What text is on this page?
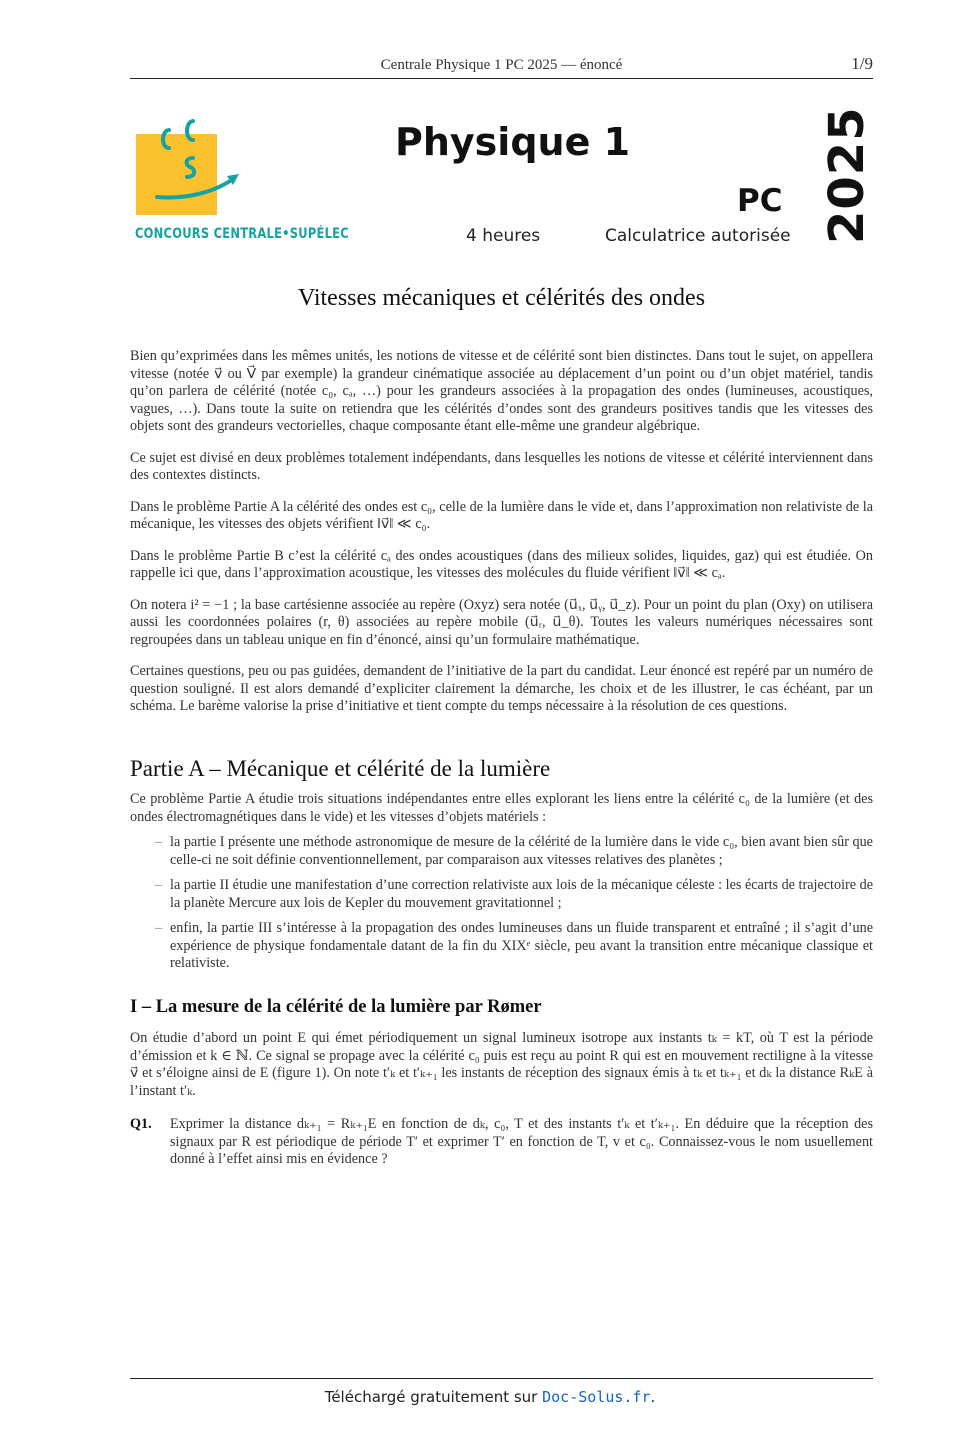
Centrale Physique 1 PC 2025 — énoncé	1/9
CONCOURS CENTRALE•SUPÉLEC
Physique 1
PC
4 heures	Calculatrice autorisée 2025
Vitesses mécaniques et célérités des ondes

Bien qu’exprimées dans les mêmes unités, les notions de vitesse et de célérité sont bien distinctes. Dans tout le sujet, on appellera vitesse (notée v⃗ ou V⃗ par exemple) la grandeur cinématique associée au déplacement d’un point ou d’un objet matériel, tandis qu’on parlera de célérité (notée c₀, cₐ, …) pour les grandeurs associées à la propagation des ondes (lumineuses, acoustiques, vagues, …). Dans toute la suite on retiendra que les célérités d’ondes sont des grandeurs positives tandis que les vitesses des objets sont des grandeurs vectorielles, chaque composante étant elle-même une grandeur algébrique.

Ce sujet est divisé en deux problèmes totalement indépendants, dans lesquelles les notions de vitesse et célérité interviennent dans des contextes distincts.

Dans le problème Partie A la célérité des ondes est c₀, celle de la lumière dans le vide et, dans l’approximation non relativiste de la mécanique, les vitesses des objets vérifient ‖v⃗‖ ≪ c₀.

Dans le problème Partie B c’est la célérité cₐ des ondes acoustiques (dans des milieux solides, liquides, gaz) qui est étudiée. On rappelle ici que, dans l’approximation acoustique, les vitesses des molécules du fluide vérifient ‖v⃗‖ ≪ cₐ.

On notera i² = −1 ; la base cartésienne associée au repère (Oxyz) sera notée (u⃗ₓ, u⃗ᵧ, u⃗_z). Pour un point du plan (Oxy) on utilisera aussi les coordonnées polaires (r, θ) associées au repère mobile (u⃗ᵣ, u⃗_θ). Toutes les valeurs numériques nécessaires sont regroupées dans un tableau unique en fin d’énoncé, ainsi qu’un formulaire mathématique.

Certaines questions, peu ou pas guidées, demandent de l’initiative de la part du candidat. Leur énoncé est repéré par un numéro de question souligné. Il est alors demandé d’expliciter clairement la démarche, les choix et de les illustrer, le cas échéant, par un schéma. Le barème valorise la prise d’initiative et tient compte du temps nécessaire à la résolution de ces questions.

Partie A – Mécanique et célérité de la lumière

Ce problème Partie A étudie trois situations indépendantes entre elles explorant les liens entre la célérité c₀ de la lumière (et des ondes électromagnétiques dans le vide) et les vitesses d’objets matériels :

– la partie I présente une méthode astronomique de mesure de la célérité de la lumière dans le vide c₀, bien avant bien sûr que celle-ci ne soit définie conventionnellement, par comparaison aux vitesses relatives des planètes ;
– la partie II étudie une manifestation d’une correction relativiste aux lois de la mécanique céleste : les écarts de trajectoire de la planète Mercure aux lois de Kepler du mouvement gravitationnel ;
– enfin, la partie III s’intéresse à la propagation des ondes lumineuses dans un fluide transparent et entraîné ; il s’agit d’une expérience de physique fondamentale datant de la fin du XIXᵉ siècle, peu avant la transition entre mécanique classique et relativiste.
I – La mesure de la célérité de la lumière par Rømer

On étudie d’abord un point E qui émet périodiquement un signal lumineux isotrope aux instants tₖ = kT, où T est la période d’émission et k ∈ ℕ. Ce signal se propage avec la célérité c₀ puis est reçu au point R qui est en mouvement rectiligne à la vitesse v⃗ et s’éloigne ainsi de E (figure 1). On note t′ₖ et t′ₖ₊₁ les instants de réception des signaux émis à tₖ et tₖ₊₁ et dₖ la distance RₖE à l’instant t′ₖ.

Q1.	Exprimer la distance dₖ₊₁ = Rₖ₊₁E en fonction de dₖ, c₀, T et des instants t′ₖ et t′ₖ₊₁. En déduire que la réception des signaux par R est périodique de période T′ et exprimer T′ en fonction de T, v et c₀. Connaissez-vous le nom usuellement donné à l’effet ainsi mis en évidence ?
Téléchargé gratuitement sur Doc-Solus.fr.
